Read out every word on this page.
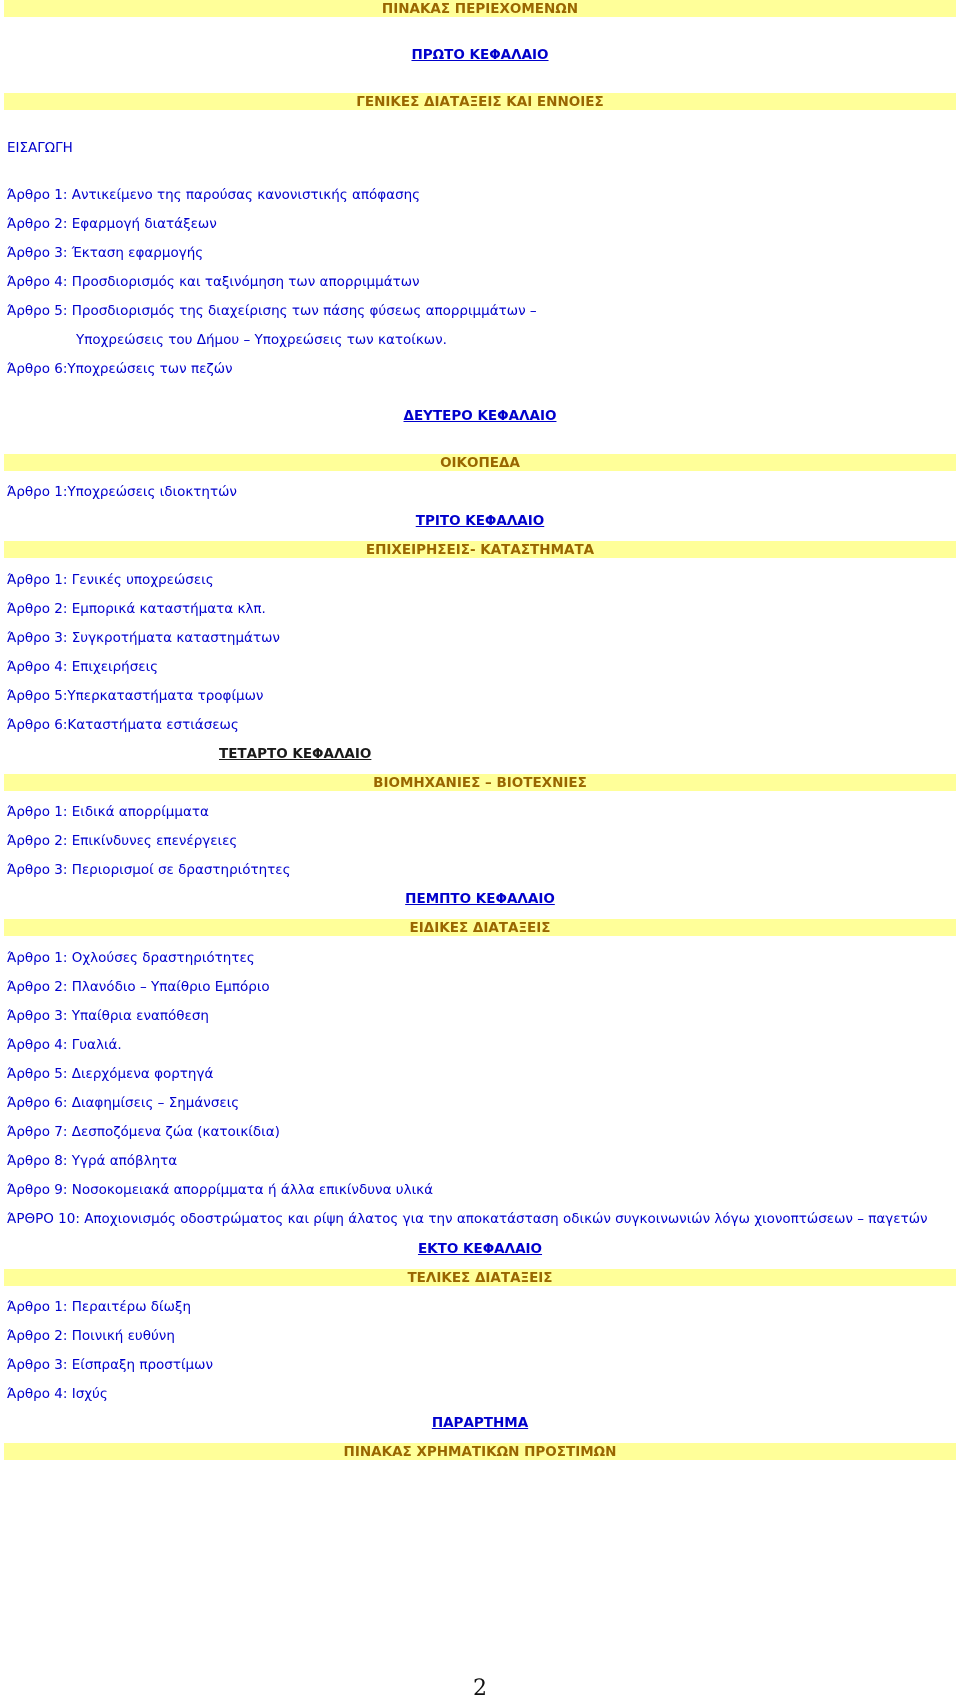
ΠΙΝΑΚΑΣ ΠΕΡΙΕΧΟΜΕΝΩΝ
ΠΡΩΤΟ ΚΕΦΑΛΑΙΟ
ΓΕΝΙΚΕΣ ΔΙΑΤΑΞΕΙΣ ΚΑΙ ΕΝΝΟΙΕΣ
ΕΙΣΑΓΩΓΗ
Άρθρο 1: Αντικείμενο της παρούσας κανονιστικής απόφασης
Άρθρο 2: Εφαρμογή διατάξεων
Άρθρο 3: Έκταση εφαρμογής
Άρθρο 4: Προσδιορισμός και ταξινόμηση των απορριμμάτων
Άρθρο 5: Προσδιορισμός της διαχείρισης των πάσης φύσεως απορριμμάτων –
Υποχρεώσεις του Δήμου – Υποχρεώσεις των κατοίκων.
Άρθρο 6:Υποχρεώσεις των πεζών
ΔΕΥΤΕΡΟ ΚΕΦΑΛΑΙΟ
ΟΙΚΟΠΕΔΑ
Άρθρο 1:Υποχρεώσεις ιδιοκτητών
ΤΡΙΤΟ ΚΕΦΑΛΑΙΟ
ΕΠΙΧΕΙΡΗΣΕΙΣ- ΚΑΤΑΣΤΗΜΑΤΑ
Άρθρο 1: Γενικές υποχρεώσεις
Άρθρο 2: Εμπορικά καταστήματα κλπ.
Άρθρο 3: Συγκροτήματα καταστημάτων
Άρθρο 4: Επιχειρήσεις
Άρθρο 5:Υπερκαταστήματα τροφίμων
Άρθρο 6:Καταστήματα εστιάσεως
ΤΕΤΑΡΤΟ ΚΕΦΑΛΑΙΟ
ΒΙΟΜΗΧΑΝΙΕΣ – ΒΙΟΤΕΧΝΙΕΣ
Άρθρο 1: Ειδικά απορρίμματα
Άρθρο 2: Επικίνδυνες επενέργειες
Άρθρο 3: Περιορισμοί σε δραστηριότητες
ΠΕΜΠΤΟ ΚΕΦΑΛΑΙΟ
ΕΙΔΙΚΕΣ ΔΙΑΤΑΞΕΙΣ
Άρθρο 1: Οχλούσες δραστηριότητες
Άρθρο 2: Πλανόδιο – Υπαίθριο Εμπόριο
Άρθρο 3: Υπαίθρια εναπόθεση
Άρθρο 4: Γυαλιά.
Άρθρο 5: Διερχόμενα φορτηγά
Άρθρο 6: Διαφημίσεις – Σημάνσεις
Άρθρο 7: Δεσποζόμενα ζώα (κατοικίδια)
Άρθρο 8: Υγρά απόβλητα
Άρθρο 9: Νοσοκομειακά απορρίμματα ή άλλα επικίνδυνα υλικά
ΆΡΘΡΟ 10: Αποχιονισμός οδοστρώματος και ρίψη άλατος για την αποκατάσταση οδικών συγκοινωνιών λόγω χιονοπτώσεων – παγετών
ΕΚΤΟ ΚΕΦΑΛΑΙΟ
ΤΕΛΙΚΕΣ ΔΙΑΤΑΞΕΙΣ
Άρθρο 1: Περαιτέρω δίωξη
Άρθρο 2: Ποινική ευθύνη
Άρθρο 3: Είσπραξη προστίμων
Άρθρο 4: Ισχύς
ΠΑΡΑΡΤΗΜΑ
ΠΙΝΑΚΑΣ ΧΡΗΜΑΤΙΚΩΝ ΠΡΟΣΤΙΜΩΝ
2
